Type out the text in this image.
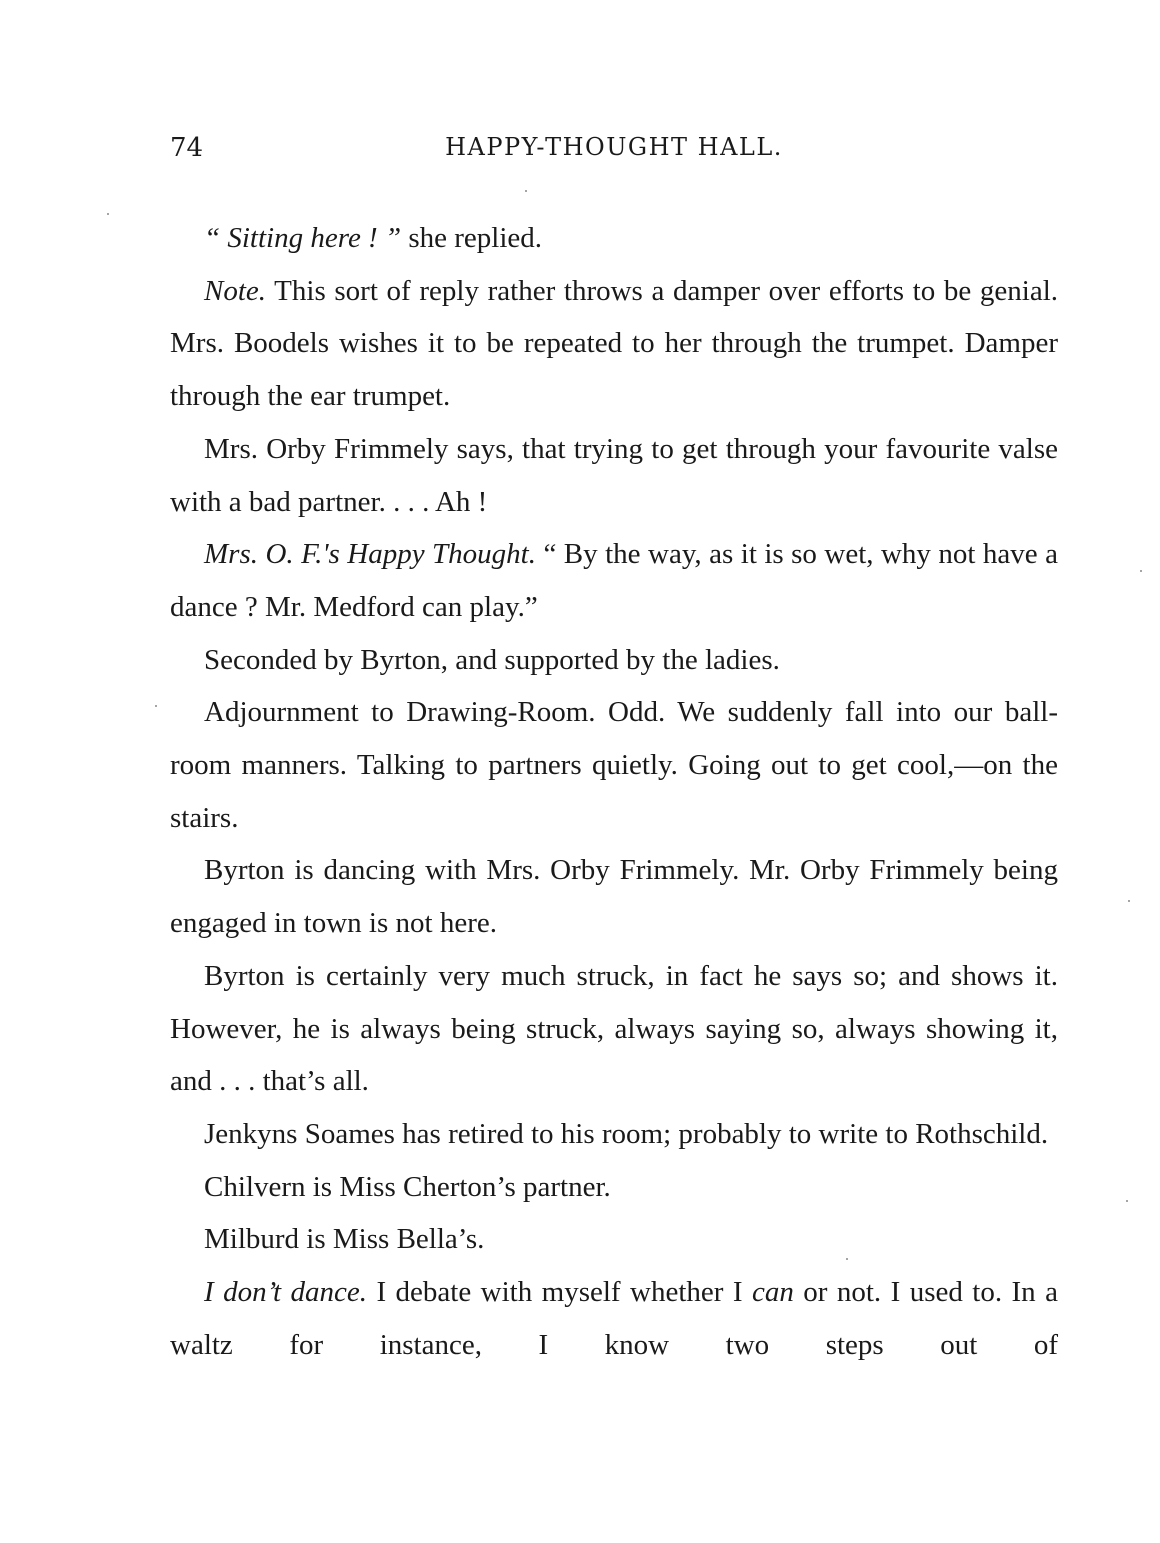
74	HAPPY-THOUGHT HALL.

“ Sitting here ! ” she replied.

Note. This sort of reply rather throws a damper over efforts to be genial. Mrs. Boodels wishes it to be repeated to her through the trumpet. Damper through the ear trumpet.

Mrs. Orby Frimmely says, that trying to get through your favourite valse with a bad partner. . . . Ah !

Mrs. O. F.'s Happy Thought. “ By the way, as it is so wet, why not have a dance ? Mr. Medford can play.”

Seconded by Byrton, and supported by the ladies.

Adjournment to Drawing-Room. Odd. We suddenly fall into our ball-room manners. Talking to partners quietly. Going out to get cool,—on the stairs.

Byrton is dancing with Mrs. Orby Frimmely. Mr. Orby Frimmely being engaged in town is not here.

Byrton is certainly very much struck, in fact he says so; and shows it. However, he is always being struck, always saying so, always showing it, and . . . that’s all.

Jenkyns Soames has retired to his room; probably to write to Rothschild.

Chilvern is Miss Cherton’s partner.

Milburd is Miss Bella’s.

I don’t dance. I debate with myself whether I can or not. I used to. In a waltz for instance, I know two steps out of
